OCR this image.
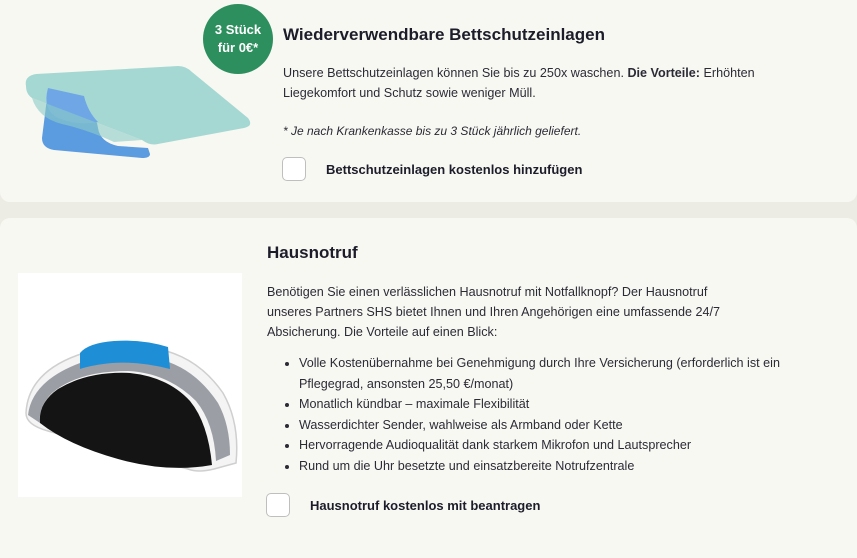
3 Stück
für 0€*
Wiederverwendbare Bettschutzeinlagen

Unsere Bettschutzeinlagen können Sie bis zu 250x waschen. Die Vorteile: Erhöhten Liegekomfort und Schutz sowie weniger Müll.

* Je nach Krankenkasse bis zu 3 Stück jährlich geliefert.

Bettschutzeinlagen kostenlos hinzufügen
Hausnotruf

Benötigen Sie einen verlässlichen Hausnotruf mit Notfallknopf? Der Hausnotruf unseres Partners SHS bietet Ihnen und Ihren Angehörigen eine umfassende 24/7 Absicherung. Die Vorteile auf einen Blick:

• Volle Kostenübernahme bei Genehmigung durch Ihre Versicherung (erforderlich ist ein Pflegegrad, ansonsten 25,50 €/monat)
• Monatlich kündbar – maximale Flexibilität
• Wasserdichter Sender, wahlweise als Armband oder Kette
• Hervorragende Audioqualität dank starkem Mikrofon und Lautsprecher
• Rund um die Uhr besetzte und einsatzbereite Notrufzentrale
Hausnotruf kostenlos mit beantragen
